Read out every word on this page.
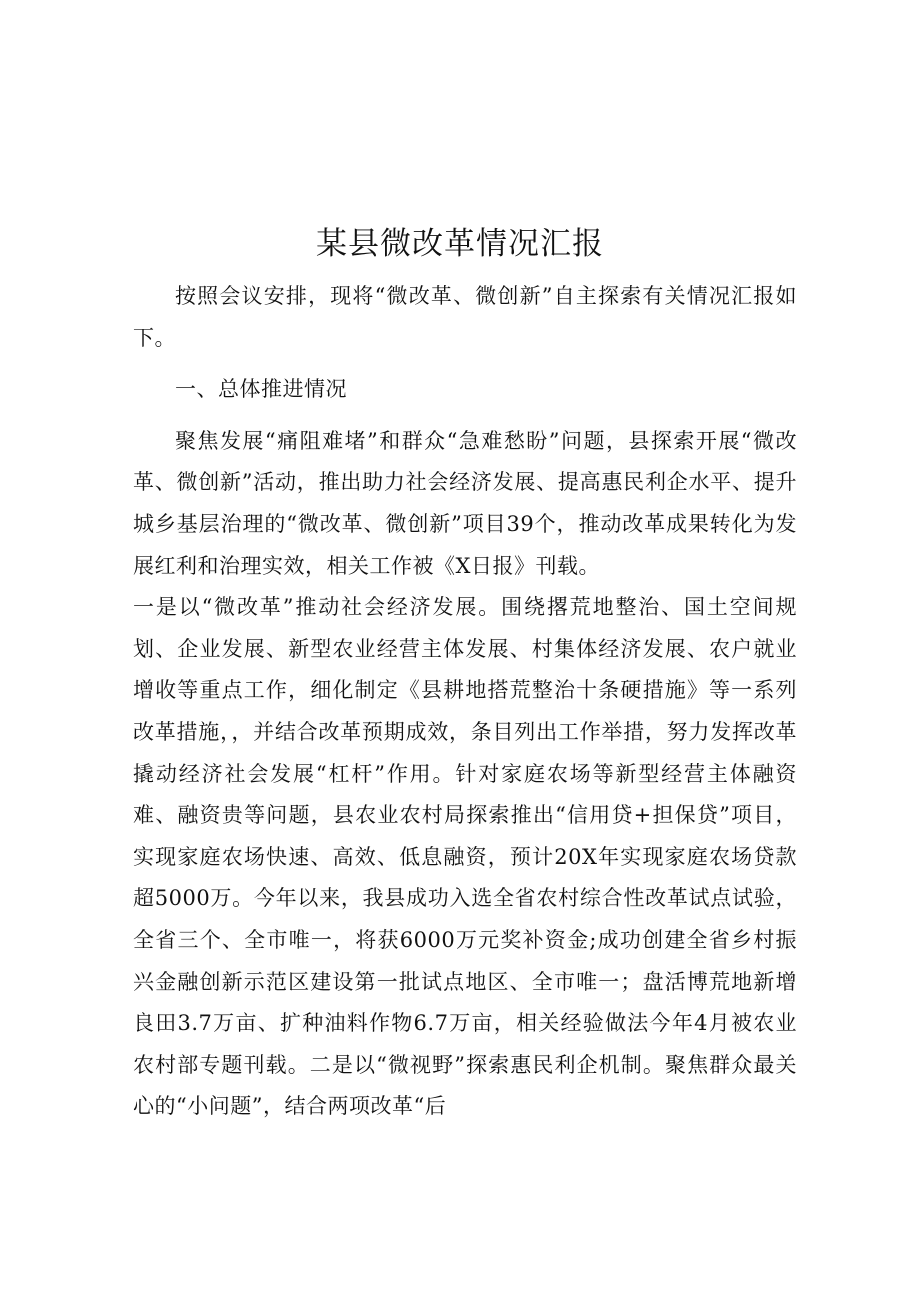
某县微改革情况汇报

按照会议安排，现将“微改革、微创新”自主探索有关情况汇报如下。

一、总体推进情况

聚焦发展“痛阻难堵”和群众“急难愁盼”问题，县探索开展“微改革、微创新”活动，推出助力社会经济发展、提高惠民利企水平、提升城乡基层治理的“微改革、微创新”项目39个，推动改革成果转化为发展红利和治理实效，相关工作被《X日报》刊载。

一是以“微改革”推动社会经济发展。围绕撂荒地整治、国土空间规划、企业发展、新型农业经营主体发展、村集体经济发展、农户就业增收等重点工作，细化制定《县耕地搭荒整治十条硬措施》等一系列改革措施，，并结合改革预期成效，条目列出工作举措，努力发挥改革撬动经济社会发展“杠杆”作用。针对家庭农场等新型经营主体融资难、融资贵等问题，县农业农村局探索推出“信用贷+担保贷”项目，实现家庭农场快速、高效、低息融资，预计20X年实现家庭农场贷款超5000万。今年以来，我县成功入选全省农村综合性改革试点试验，全省三个、全市唯一，将获6000万元奖补资金;成功创建全省乡村振兴金融创新示范区建设第一批试点地区、全市唯一；盘活博荒地新增良田3.7万亩、扩种油料作物6.7万亩，相关经验做法今年4月被农业农村部专题刊载。二是以“微视野”探索惠民利企机制。聚焦群众最关心的“小问题”，结合两项改革“后
